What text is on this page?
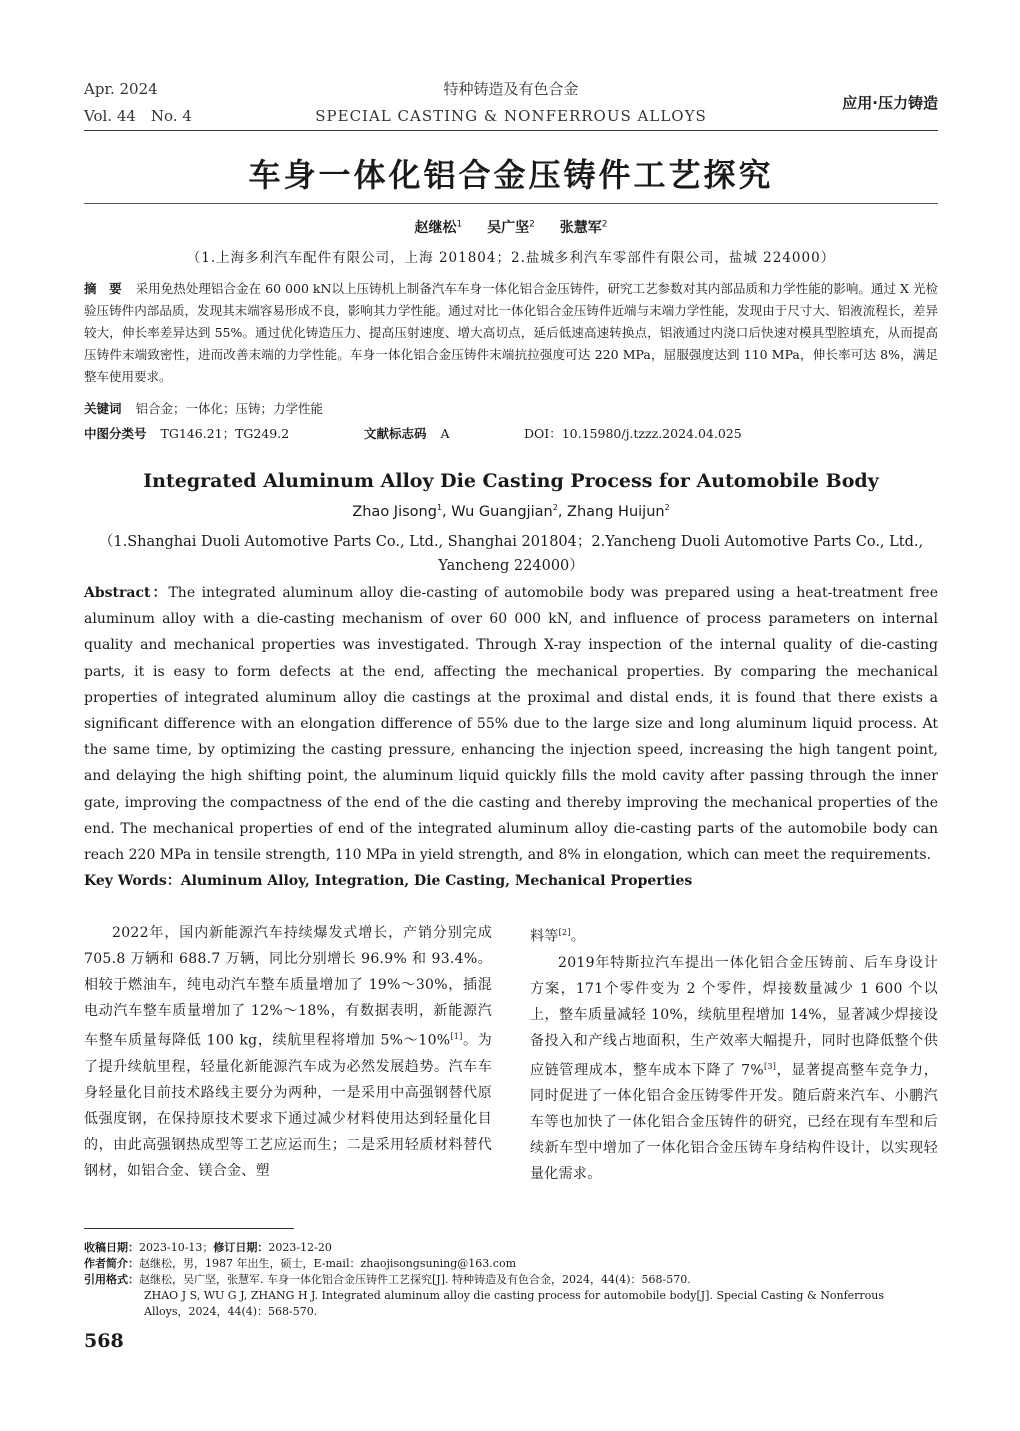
Apr. 2024
Vol. 44　No. 4
特种铸造及有色合金
SPECIAL CASTING & NONFERROUS ALLOYS
应用·压力铸造
车身一体化铝合金压铸件工艺探究
赵继松$^1$ 吴广坚$^2$ 张慧军$^2$
（1.上海多利汽车配件有限公司，上海 201804；2.盐城多利汽车零部件有限公司，盐城 224000）
摘　要 采用免热处理铝合金在 60 000 kN以上压铸机上制备汽车车身一体化铝合金压铸件，研究工艺参数对其内部品质和力学性能的影响。通过 X 光检验压铸件内部品质，发现其末端容易形成不良，影响其力学性能。通过对比一体化铝合金压铸件近端与末端力学性能，发现由于尺寸大、铝液流程长，差异较大，伸长率差异达到 55%。通过优化铸造压力、提高压射速度、增大高切点，延后低速高速转换点，铝液通过内浇口后快速对模具型腔填充，从而提高压铸件末端致密性，进而改善末端的力学性能。车身一体化铝合金压铸件末端抗拉强度可达 220 MPa，屈服强度达到 110 MPa，伸长率可达 8%，满足整车使用要求。
关键词 铝合金；一体化；压铸；力学性能
中图分类号 TG146.21；TG249.2	文献标志码 A	DOI：10.15980/j.tzzz.2024.04.025
Integrated Aluminum Alloy Die Casting Process for Automobile Body
Zhao Jisong$^1$, Wu Guangjian$^2$, Zhang Huijun$^2$
（1.Shanghai Duoli Automotive Parts Co., Ltd., Shanghai 201804；2.Yancheng Duoli Automotive Parts Co., Ltd.,
Yancheng 224000）
Abstract：The integrated aluminum alloy die-casting of automobile body was prepared using a heat-treatment free aluminum alloy with a die-casting mechanism of over 60 000 kN, and influence of process parameters on internal quality and mechanical properties was investigated. Through X-ray inspection of the internal quality of die-casting parts, it is easy to form defects at the end, affecting the mechanical properties. By comparing the mechanical properties of integrated aluminum alloy die castings at the proximal and distal ends, it is found that there exists a significant difference with an elongation difference of 55% due to the large size and long aluminum liquid process. At the same time, by optimizing the casting pressure, enhancing the injection speed, increasing the high tangent point, and delaying the high shifting point, the aluminum liquid quickly fills the mold cavity after passing through the inner gate, improving the compactness of the end of the die casting and thereby improving the mechanical properties of the end. The mechanical properties of end of the integrated aluminum alloy die-casting parts of the automobile body can reach 220 MPa in tensile strength, 110 MPa in yield strength, and 8% in elongation, which can meet the requirements.
Key Words：Aluminum Alloy, Integration, Die Casting, Mechanical Properties

2022年，国内新能源汽车持续爆发式增长，产销分别完成 705.8 万辆和 688.7 万辆，同比分别增长 96.9% 和 93.4%。相较于燃油车，纯电动汽车整车质量增加了 19%～30%，插混电动汽车整车质量增加了 12%～18%，有数据表明，新能源汽车整车质量每降低 100 kg，续航里程将增加 5%～10%[1]。为了提升续航里程，轻量化新能源汽车成为必然发展趋势。汽车车身轻量化目前技术路线主要分为两种，一是采用中高强钢替代原低强度钢，在保持原技术要求下通过减少材料使用达到轻量化目的，由此高强钢热成型等工艺应运而生；二是采用轻质材料替代钢材，如铝合金、镁合金、塑

料等[2]。

2019年特斯拉汽车提出一体化铝合金压铸前、后车身设计方案，171个零件变为 2 个零件，焊接数量减少 1 600 个以上，整车质量减轻 10%，续航里程增加 14%，显著减少焊接设备投入和产线占地面积，生产效率大幅提升，同时也降低整个供应链管理成本，整车成本下降了 7%[3]，显著提高整车竞争力，同时促进了一体化铝合金压铸零件开发。随后蔚来汽车、小鹏汽车等也加快了一体化铝合金压铸件的研究，已经在现有车型和后续新车型中增加了一体化铝合金压铸车身结构件设计，以实现轻量化需求。

收稿日期：2023-10-13；修订日期：2023-12-20
作者简介：赵继松，男，1987 年出生，硕士，E-mail：zhaojisongsuning@163.com
引用格式：赵继松，吴广坚，张慧军. 车身一体化铝合金压铸件工艺探究[J]. 特种铸造及有色合金，2024，44(4)：568-570.
ZHAO J S, WU G J, ZHANG H J. Integrated aluminum alloy die casting process for automobile body[J]. Special Casting & Nonferrous
Alloys，2024，44(4)：568-570.
568
